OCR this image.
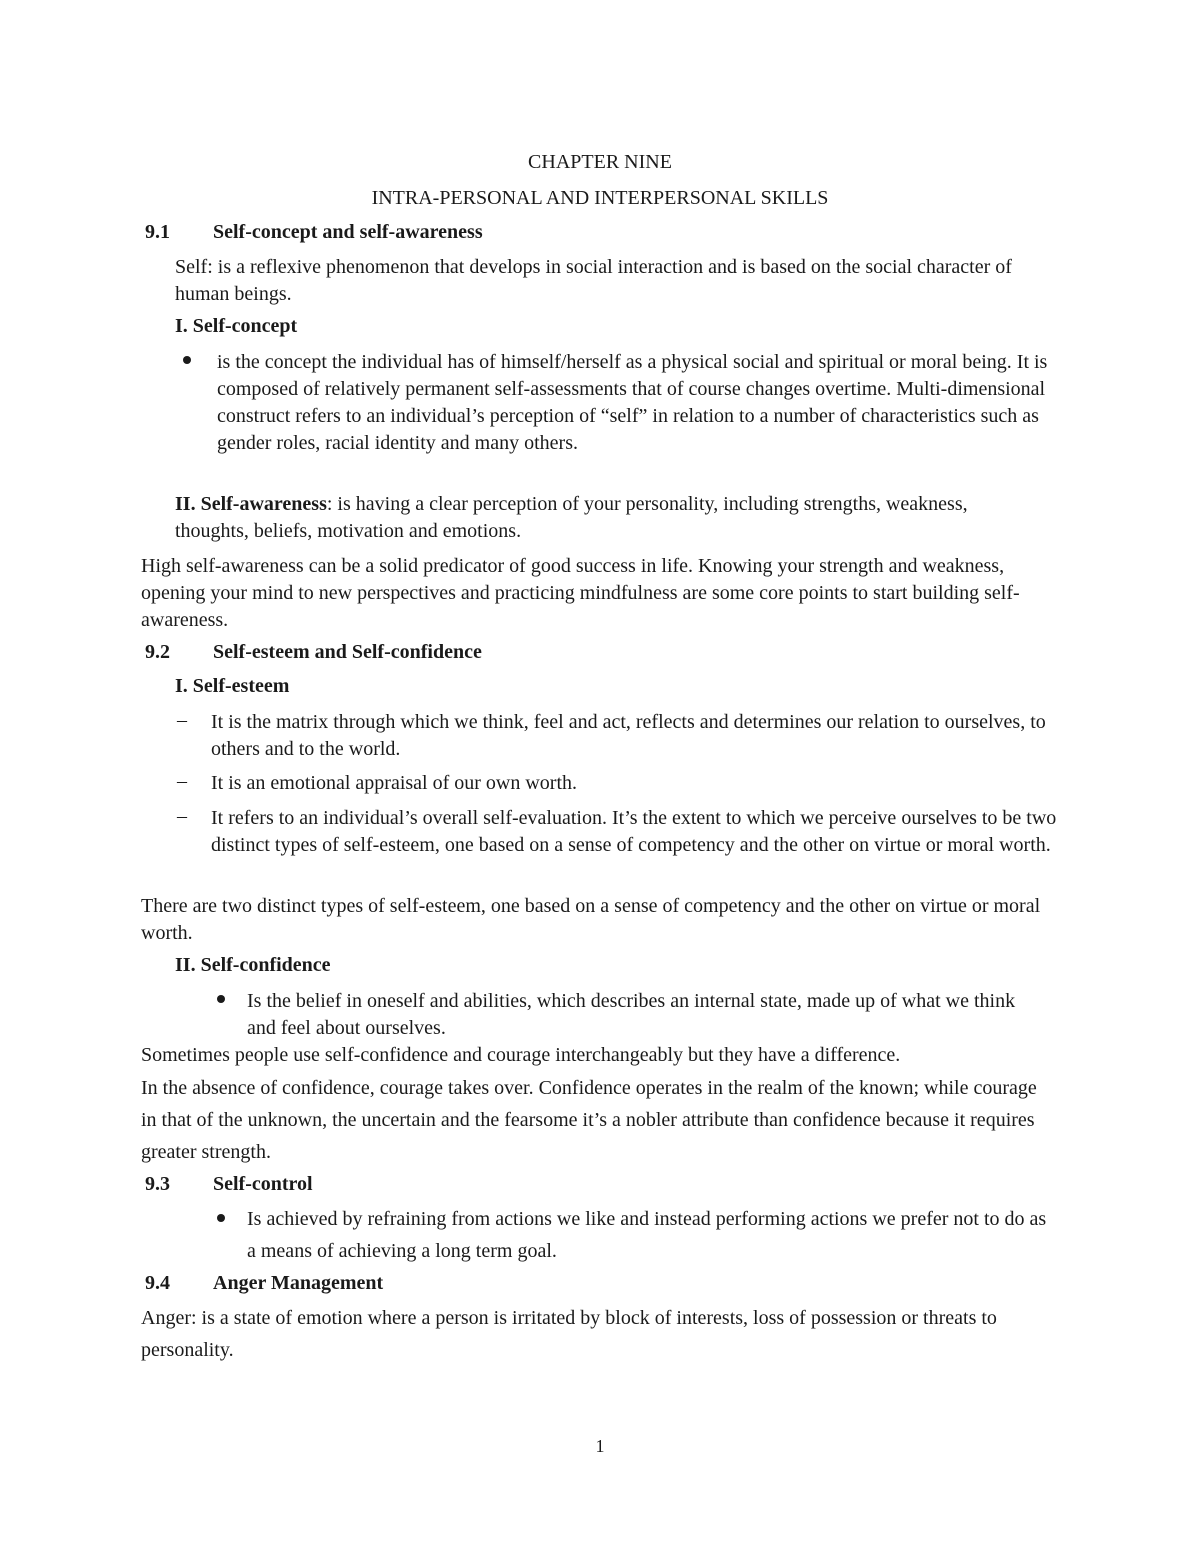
CHAPTER NINE
INTRA-PERSONAL AND INTERPERSONAL SKILLS
9.1 Self-concept and self-awareness

Self: is a reflexive phenomenon that develops in social interaction and is based on the social character of human beings.

I. Self-concept

is the concept the individual has of himself/herself as a physical social and spiritual or moral being. It is composed of relatively permanent self-assessments that of course changes overtime. Multi-dimensional construct refers to an individual’s perception of “self” in relation to a number of characteristics such as gender roles, racial identity and many others.

II. Self-awareness: is having a clear perception of your personality, including strengths, weakness, thoughts, beliefs, motivation and emotions.

High self-awareness can be a solid predicator of good success in life. Knowing your strength and weakness, opening your mind to new perspectives and practicing mindfulness are some core points to start building self-awareness.

9.2 Self-esteem and Self-confidence
I. Self-esteem
– It is the matrix through which we think, feel and act, reflects and determines our relation to ourselves, to others and to the world.

– It is an emotional appraisal of our own worth.

– It refers to an individual’s overall self-evaluation. It’s the extent to which we perceive ourselves to be two distinct types of self-esteem, one based on a sense of competency and the other on virtue or moral worth.

There are two distinct types of self-esteem, one based on a sense of competency and the other on virtue or moral worth.

II. Self-confidence

Is the belief in oneself and abilities, which describes an internal state, made up of what we think and feel about ourselves.

Sometimes people use self-confidence and courage interchangeably but they have a difference.

In the absence of confidence, courage takes over. Confidence operates in the realm of the known; while courage in that of the unknown, the uncertain and the fearsome it’s a nobler attribute than confidence because it requires greater strength.

9.3 Self-control

Is achieved by refraining from actions we like and instead performing actions we prefer not to do as a means of achieving a long term goal.

9.4 Anger Management

Anger: is a state of emotion where a person is irritated by block of interests, loss of possession or threats to personality.

1
